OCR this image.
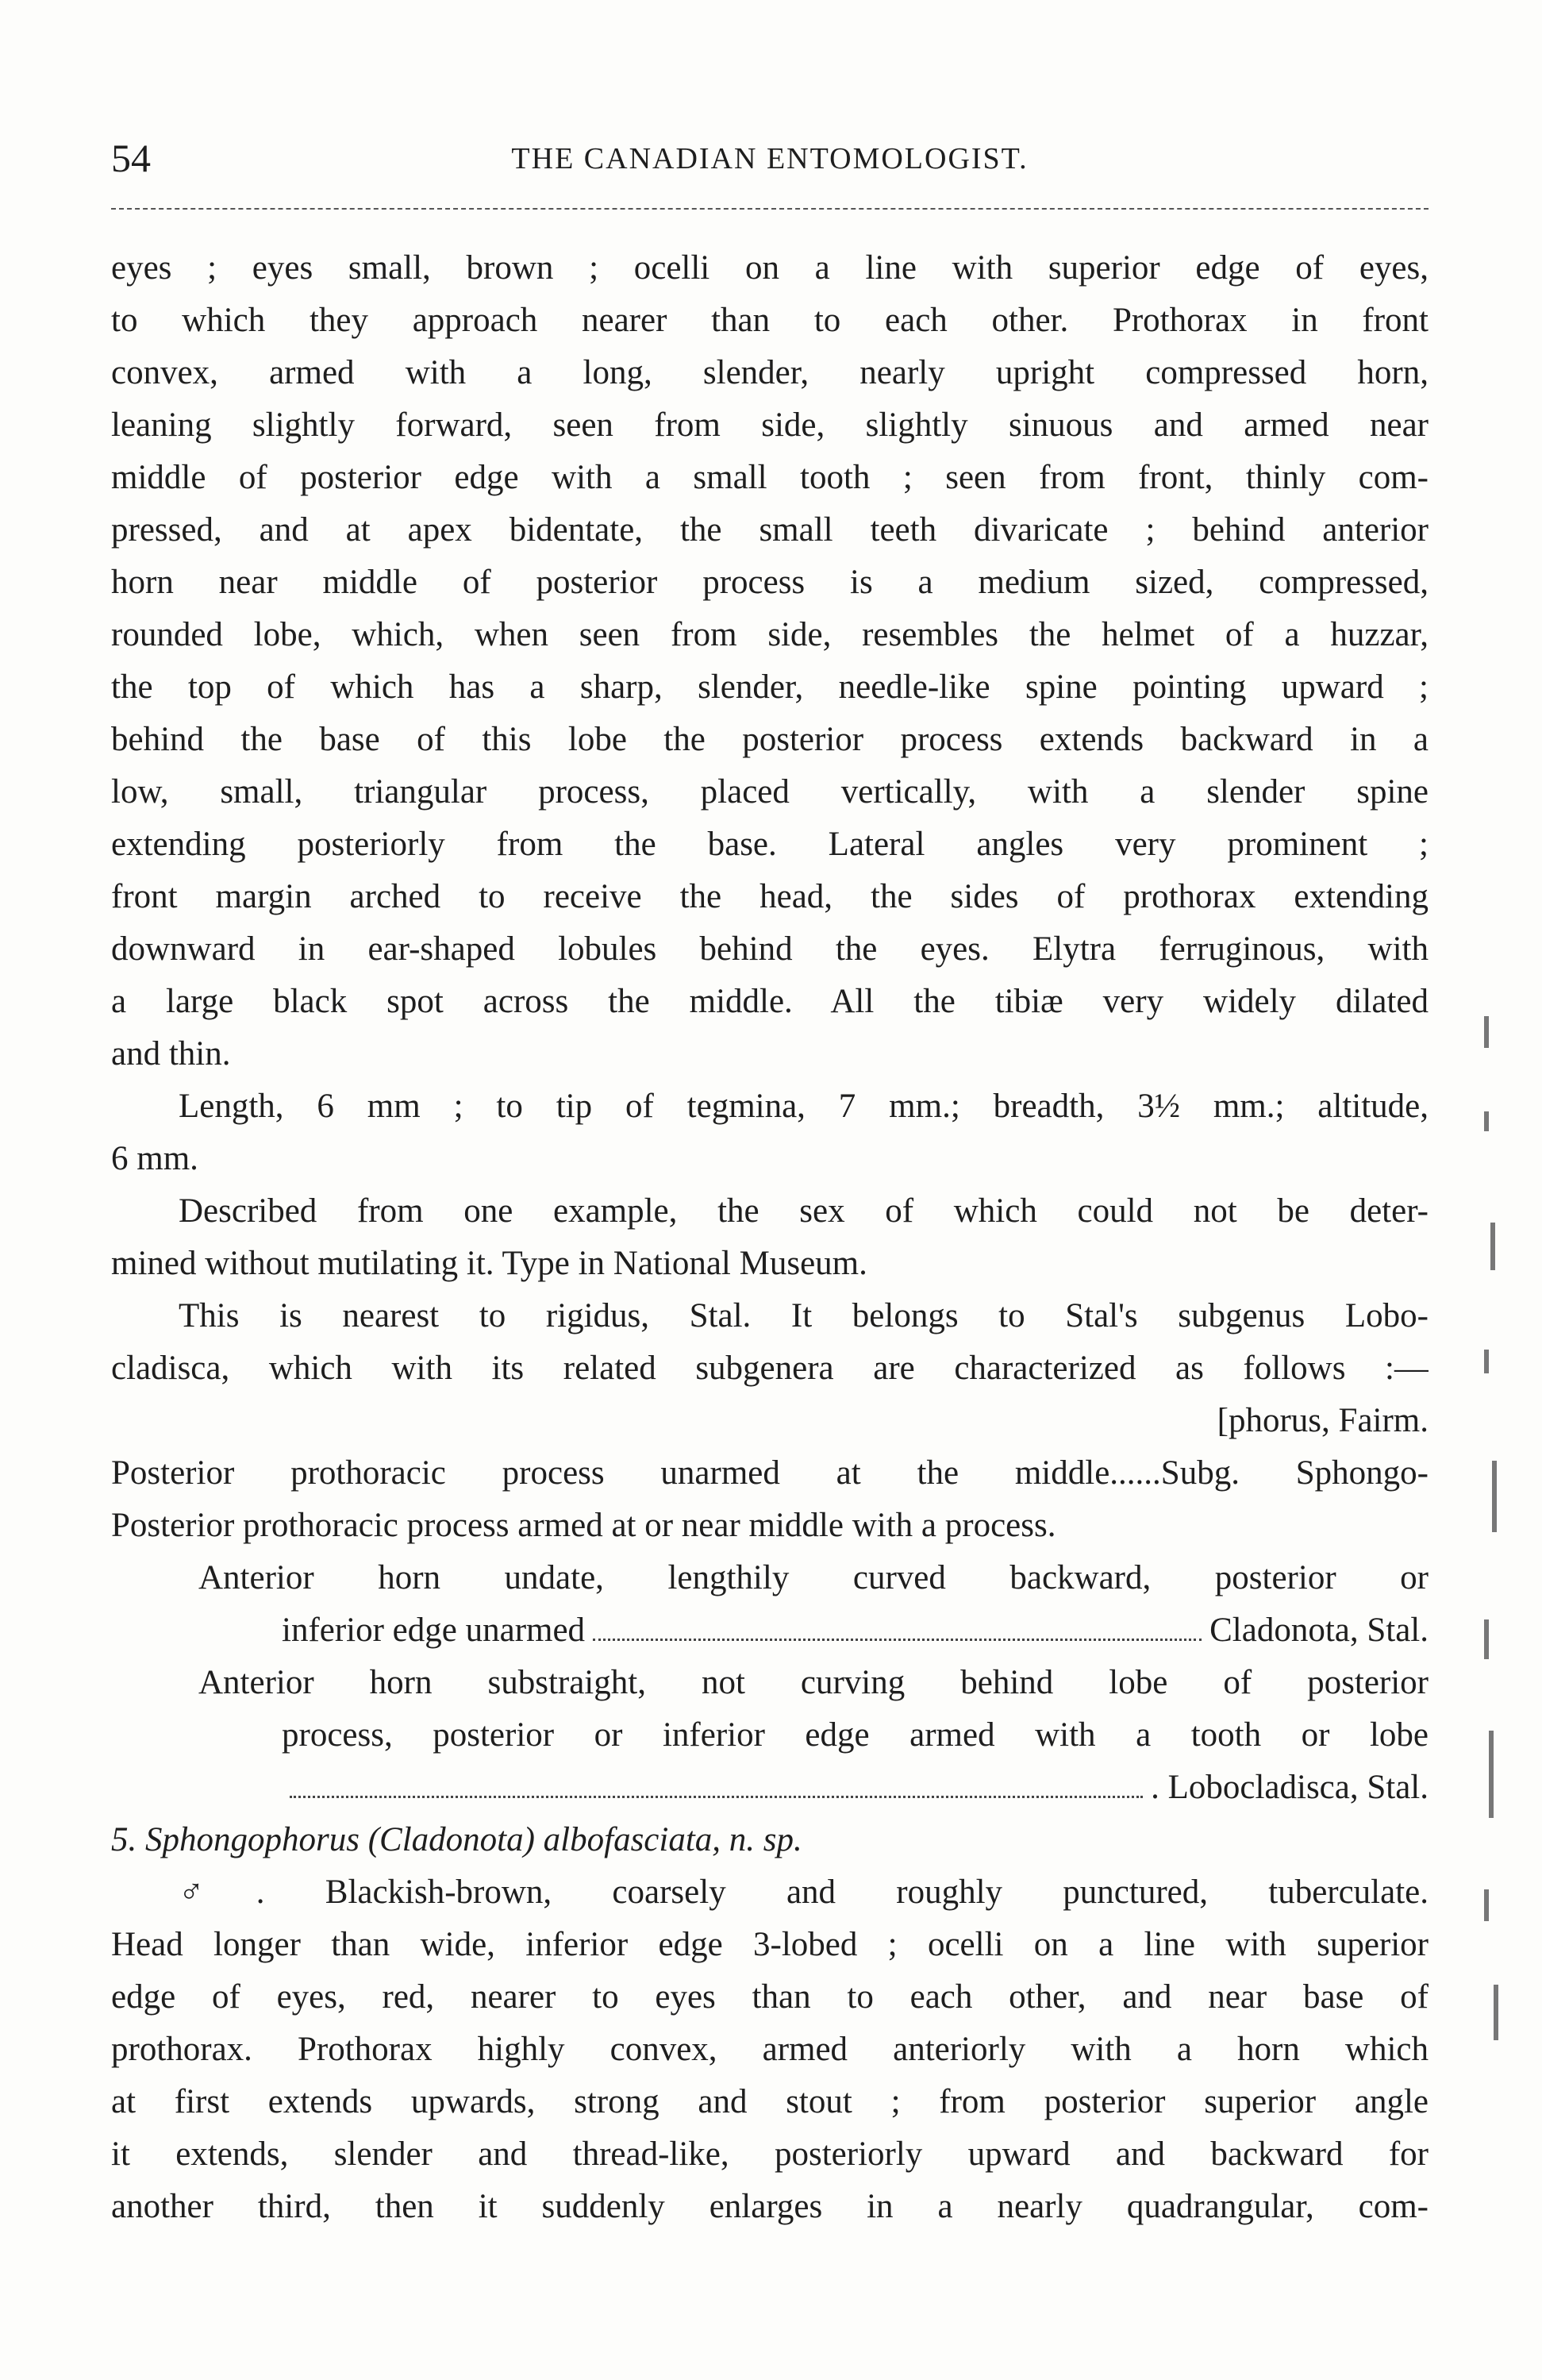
54	THE CANADIAN ENTOMOLOGIST.
eyes ; eyes small, brown ; ocelli on a line with superior edge of eyes,
to which they approach nearer than to each other. Prothorax in front
convex, armed with a long, slender, nearly upright compressed horn,
leaning slightly forward, seen from side, slightly sinuous and armed near
middle of posterior edge with a small tooth ; seen from front, thinly com-
pressed, and at apex bidentate, the small teeth divaricate ; behind anterior
horn near middle of posterior process is a medium sized, compressed,
rounded lobe, which, when seen from side, resembles the helmet of a huzzar,
the top of which has a sharp, slender, needle-like spine pointing upward ;
behind the base of this lobe the posterior process extends backward in a
low, small, triangular process, placed vertically, with a slender spine
extending posteriorly from the base. Lateral angles very prominent ;
front margin arched to receive the head, the sides of prothorax extending
downward in ear-shaped lobules behind the eyes. Elytra ferruginous, with
a large black spot across the middle. All the tibiæ very widely dilated
and thin.
Length, 6 mm ; to tip of tegmina, 7 mm.; breadth, 3½ mm.; altitude,
6 mm.
Described from one example, the sex of which could not be deter-
mined without mutilating it. Type in National Museum.
This is nearest to rigidus, Stal. It belongs to Stal's subgenus Lobo-
cladisca, which with its related subgenera are characterized as follows :—
[phorus, Fairm.
Posterior prothoracic process unarmed at the middle......Subg. Sphongo-
Posterior prothoracic process armed at or near middle with a process.
Anterior horn undate, lengthily curved backward, posterior or
inferior edge unarmed	Cladonota, Stal.
Anterior horn substraight, not curving behind lobe of posterior
process, posterior or inferior edge armed with a tooth or lobe
. Lobocladisca, Stal.
5. Sphongophorus (Cladonota) albofasciata, n. sp.
♂. Blackish-brown, coarsely and roughly punctured, tuberculate.
Head longer than wide, inferior edge 3-lobed ; ocelli on a line with superior
edge of eyes, red, nearer to eyes than to each other, and near base of
prothorax. Prothorax highly convex, armed anteriorly with a horn which
at first extends upwards, strong and stout ; from posterior superior angle
it extends, slender and thread-like, posteriorly upward and backward for
another third, then it suddenly enlarges in a nearly quadrangular, com-
